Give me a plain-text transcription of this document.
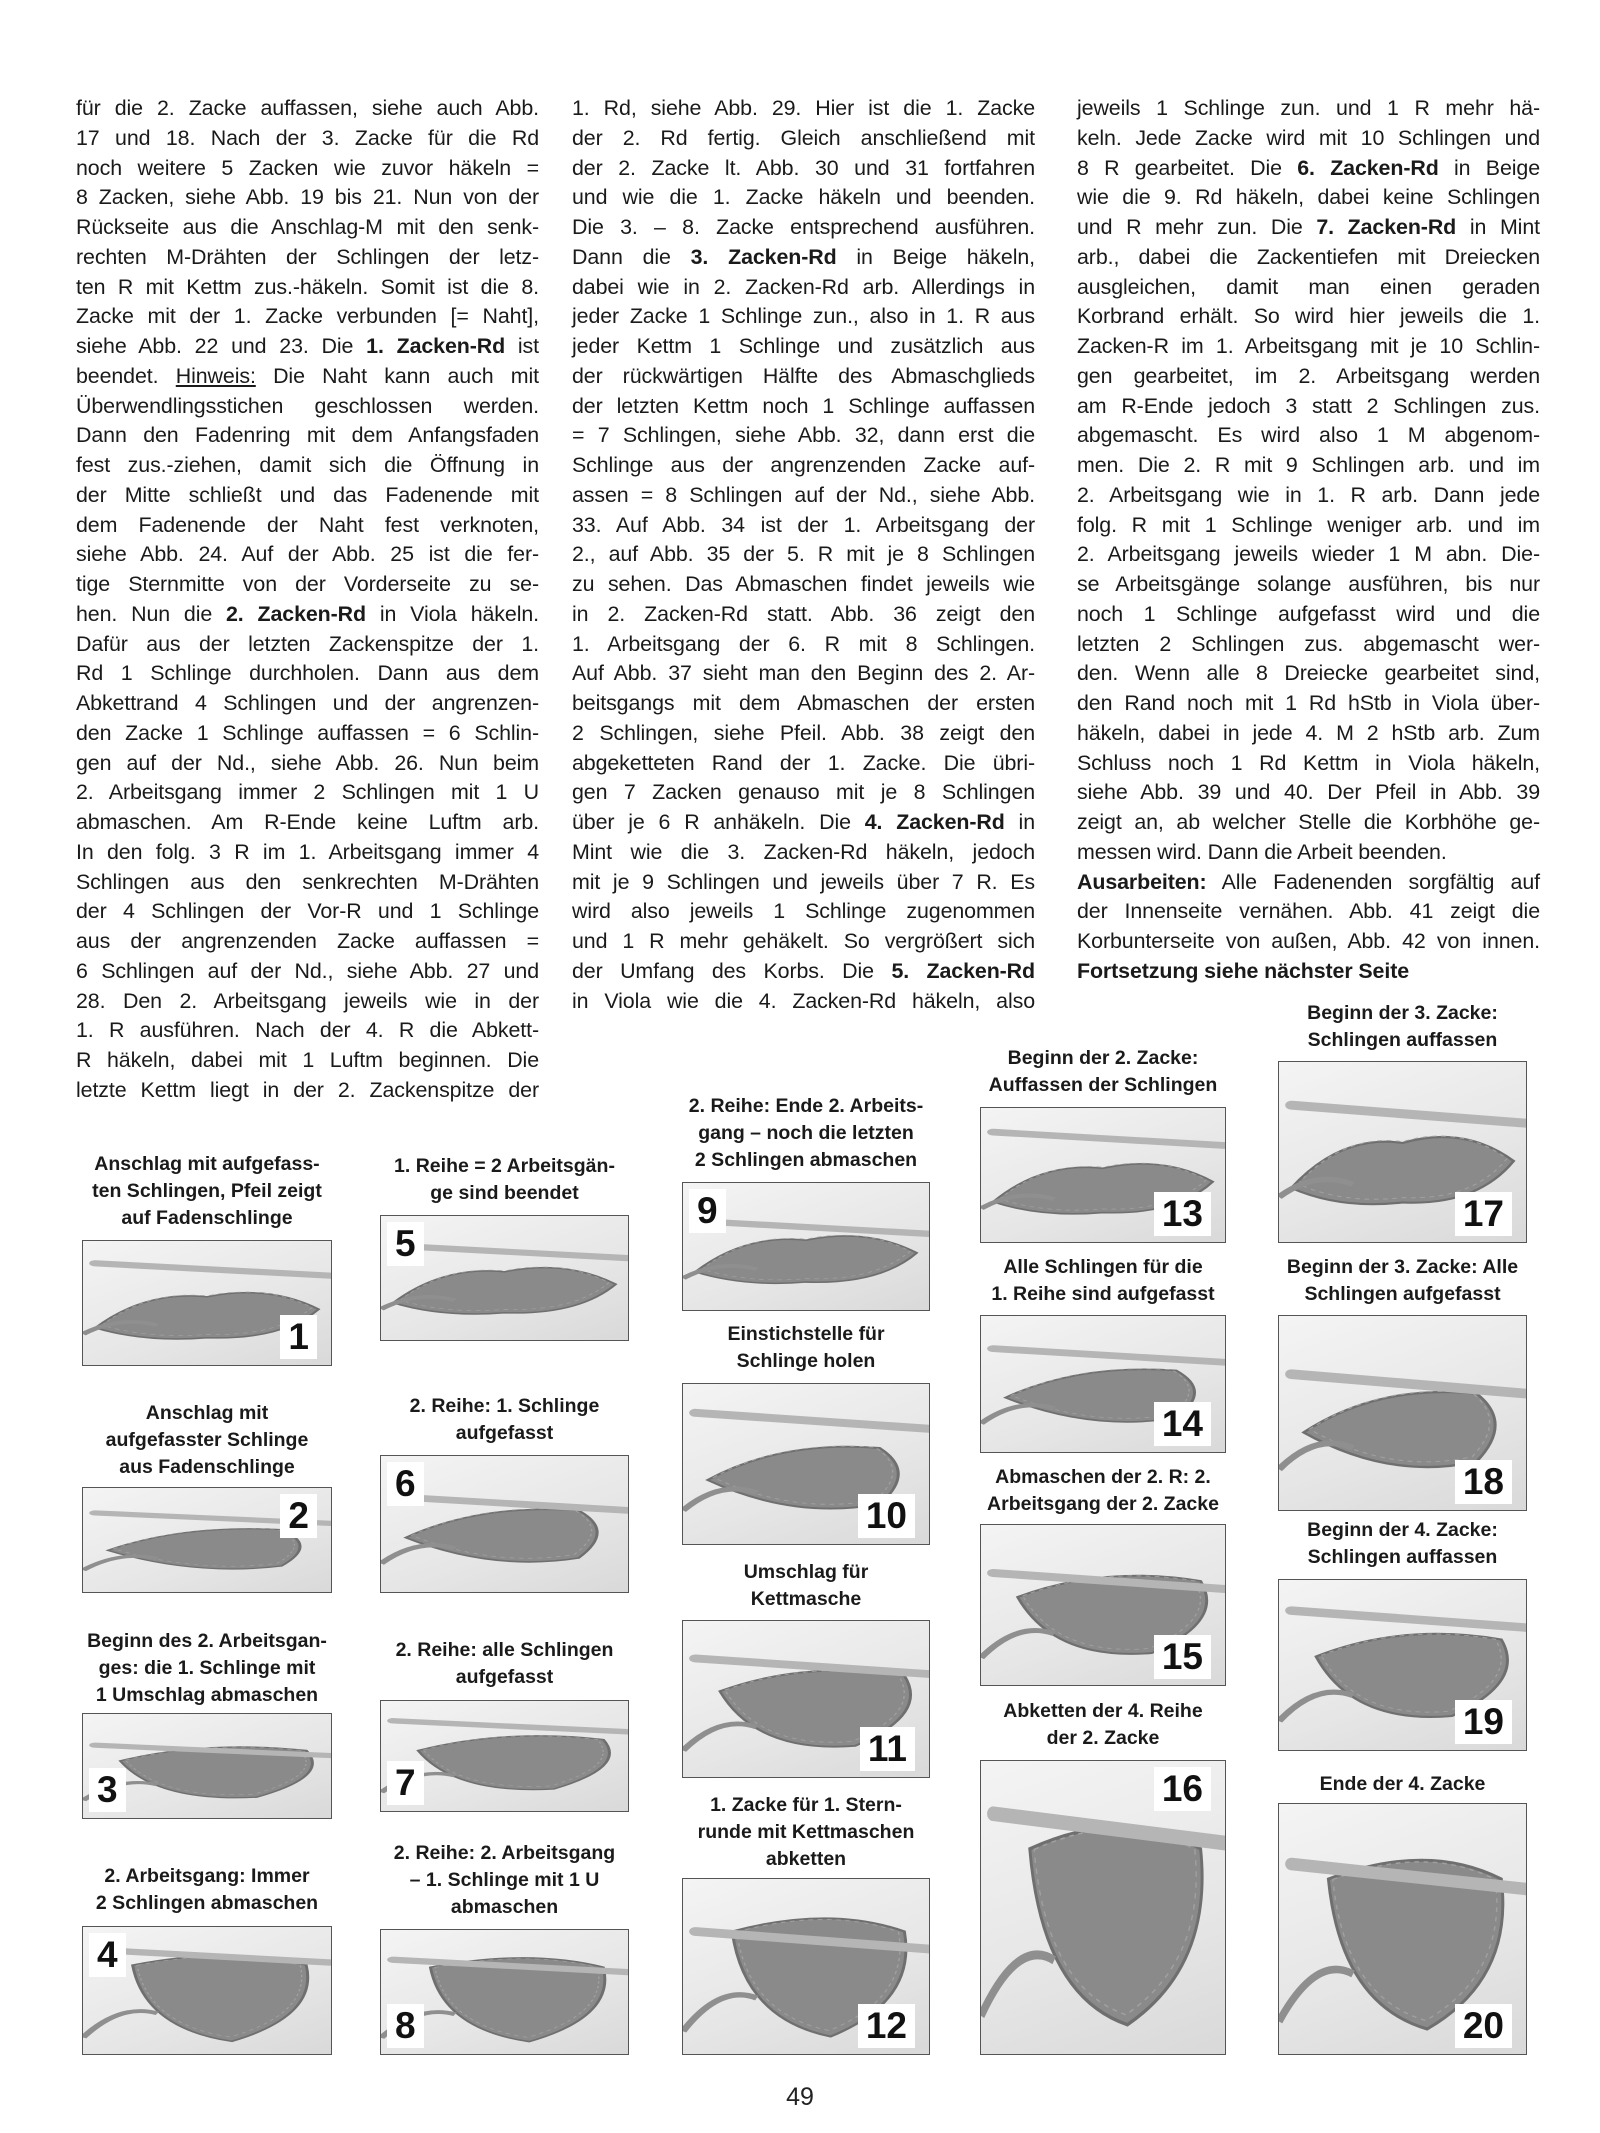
für die 2. Zacke auffassen, siehe auch Abb.
17 und 18. Nach der 3. Zacke für die Rd
noch weitere 5 Zacken wie zuvor häkeln =
8 Zacken, siehe Abb. 19 bis 21. Nun von der
Rückseite aus die Anschlag-M mit den senk-
rechten M-Drähten der Schlingen der letz-
ten R mit Kettm zus.-häkeln. Somit ist die 8.
Zacke mit der 1. Zacke verbunden [= Naht],
siehe Abb. 22 und 23. Die 1. Zacken-Rd ist
beendet. Hinweis: Die Naht kann auch mit
Überwendlingsstichen geschlossen werden.
Dann den Fadenring mit dem Anfangsfaden
fest zus.-ziehen, damit sich die Öffnung in
der Mitte schließt und das Fadenende mit
dem Fadenende der Naht fest verknoten,
siehe Abb. 24. Auf der Abb. 25 ist die fer-
tige Sternmitte von der Vorderseite zu se-
hen. Nun die 2. Zacken-Rd in Viola häkeln.
Dafür aus der letzten Zackenspitze der 1.
Rd 1 Schlinge durchholen. Dann aus dem
Abkettrand 4 Schlingen und der angrenzen-
den Zacke 1 Schlinge auffassen = 6 Schlin-
gen auf der Nd., siehe Abb. 26. Nun beim
2. Arbeitsgang immer 2 Schlingen mit 1 U
abmaschen. Am R-Ende keine Luftm arb.
In den folg. 3 R im 1. Arbeitsgang immer 4
Schlingen aus den senkrechten M-Drähten
der 4 Schlingen der Vor-R und 1 Schlinge
aus der angrenzenden Zacke auffassen =
6 Schlingen auf der Nd., siehe Abb. 27 und
28. Den 2. Arbeitsgang jeweils wie in der
1. R ausführen. Nach der 4. R die Abkett-
R häkeln, dabei mit 1 Luftm beginnen. Die
letzte Kettm liegt in der 2. Zackenspitze der
1. Rd, siehe Abb. 29. Hier ist die 1. Zacke
der 2. Rd fertig. Gleich anschließend mit
der 2. Zacke lt. Abb. 30 und 31 fortfahren
und wie die 1. Zacke häkeln und beenden.
Die 3. – 8. Zacke entsprechend ausführen.
Dann die 3. Zacken-Rd in Beige häkeln,
dabei wie in 2. Zacken-Rd arb. Allerdings in
jeder Zacke 1 Schlinge zun., also in 1. R aus
jeder Kettm 1 Schlinge und zusätzlich aus
der rückwärtigen Hälfte des Abmaschglieds
der letzten Kettm noch 1 Schlinge auffassen
= 7 Schlingen, siehe Abb. 32, dann erst die
Schlinge aus der angrenzenden Zacke auf-
assen = 8 Schlingen auf der Nd., siehe Abb.
33. Auf Abb. 34 ist der 1. Arbeitsgang der
2., auf Abb. 35 der 5. R mit je 8 Schlingen
zu sehen. Das Abmaschen findet jeweils wie
in 2. Zacken-Rd statt. Abb. 36 zeigt den
1. Arbeitsgang der 6. R mit 8 Schlingen.
Auf Abb. 37 sieht man den Beginn des 2. Ar-
beitsgangs mit dem Abmaschen der ersten
2 Schlingen, siehe Pfeil. Abb. 38 zeigt den
abgeketteten Rand der 1. Zacke. Die übri-
gen 7 Zacken genauso mit je 8 Schlingen
über je 6 R anhäkeln. Die 4. Zacken-Rd in
Mint wie die 3. Zacken-Rd häkeln, jedoch
mit je 9 Schlingen und jeweils über 7 R. Es
wird also jeweils 1 Schlinge zugenommen
und 1 R mehr gehäkelt. So vergrößert sich
der Umfang des Korbs. Die 5. Zacken-Rd
in Viola wie die 4. Zacken-Rd häkeln, also
jeweils 1 Schlinge zun. und 1 R mehr hä-
keln. Jede Zacke wird mit 10 Schlingen und
8 R gearbeitet. Die 6. Zacken-Rd in Beige
wie die 9. Rd häkeln, dabei keine Schlingen
und R mehr zun. Die 7. Zacken-Rd in Mint
arb., dabei die Zackentiefen mit Dreiecken
ausgleichen, damit man einen geraden
Korbrand erhält. So wird hier jeweils die 1.
Zacken-R im 1. Arbeitsgang mit je 10 Schlin-
gen gearbeitet, im 2. Arbeitsgang werden
am R-Ende jedoch 3 statt 2 Schlingen zus.
abgemascht. Es wird also 1 M abgenom-
men. Die 2. R mit 9 Schlingen arb. und im
2. Arbeitsgang wie in 1. R arb. Dann jede
folg. R mit 1 Schlinge weniger arb. und im
2. Arbeitsgang jeweils wieder 1 M abn. Die-
se Arbeitsgänge solange ausführen, bis nur
noch 1 Schlinge aufgefasst wird und die
letzten 2 Schlingen zus. abgemascht wer-
den. Wenn alle 8 Dreiecke gearbeitet sind,
den Rand noch mit 1 Rd hStb in Viola über-
häkeln, dabei in jede 4. M 2 hStb arb. Zum
Schluss noch 1 Rd Kettm in Viola häkeln,
siehe Abb. 39 und 40. Der Pfeil in Abb. 39
zeigt an, ab welcher Stelle die Korbhöhe ge-
messen wird. Dann die Arbeit beenden.
Ausarbeiten: Alle Fadenenden sorgfältig auf
der Innenseite vernähen. Abb. 41 zeigt die
Korbunterseite von außen, Abb. 42 von innen.
Fortsetzung siehe nächster Seite
Anschlag mit aufgefass-
ten Schlingen, Pfeil zeigt
auf Fadenschlinge
1
Anschlag mit
aufgefasster Schlinge
aus Fadenschlinge
2
Beginn des 2. Arbeitsgan-
ges: die 1. Schlinge mit
1 Umschlag abmaschen
3
2. Arbeitsgang: Immer
2 Schlingen abmaschen
4
1. Reihe = 2 Arbeitsgän-
ge sind beendet
5
2. Reihe: 1. Schlinge
aufgefasst
6
2. Reihe: alle Schlingen
aufgefasst
7
2. Reihe: 2. Arbeitsgang
– 1. Schlinge mit 1 U
abmaschen
8
2. Reihe: Ende 2. Arbeits-
gang – noch die letzten
2 Schlingen abmaschen
9
Einstichstelle für
Schlinge holen
10
Umschlag für
Kettmasche
11
1. Zacke für 1. Stern-
runde mit Kettmaschen
abketten
12
Beginn der 2. Zacke:
Auffassen der Schlingen
13
Alle Schlingen für die
1. Reihe sind aufgefasst
14
Abmaschen der 2. R: 2.
Arbeitsgang der 2. Zacke
15
Abketten der 4. Reihe
der 2. Zacke
16
Beginn der 3. Zacke:
Schlingen auffassen
17
Beginn der 3. Zacke: Alle
Schlingen aufgefasst
18
Beginn der 4. Zacke:
Schlingen auffassen
19
Ende der 4. Zacke
20
49
